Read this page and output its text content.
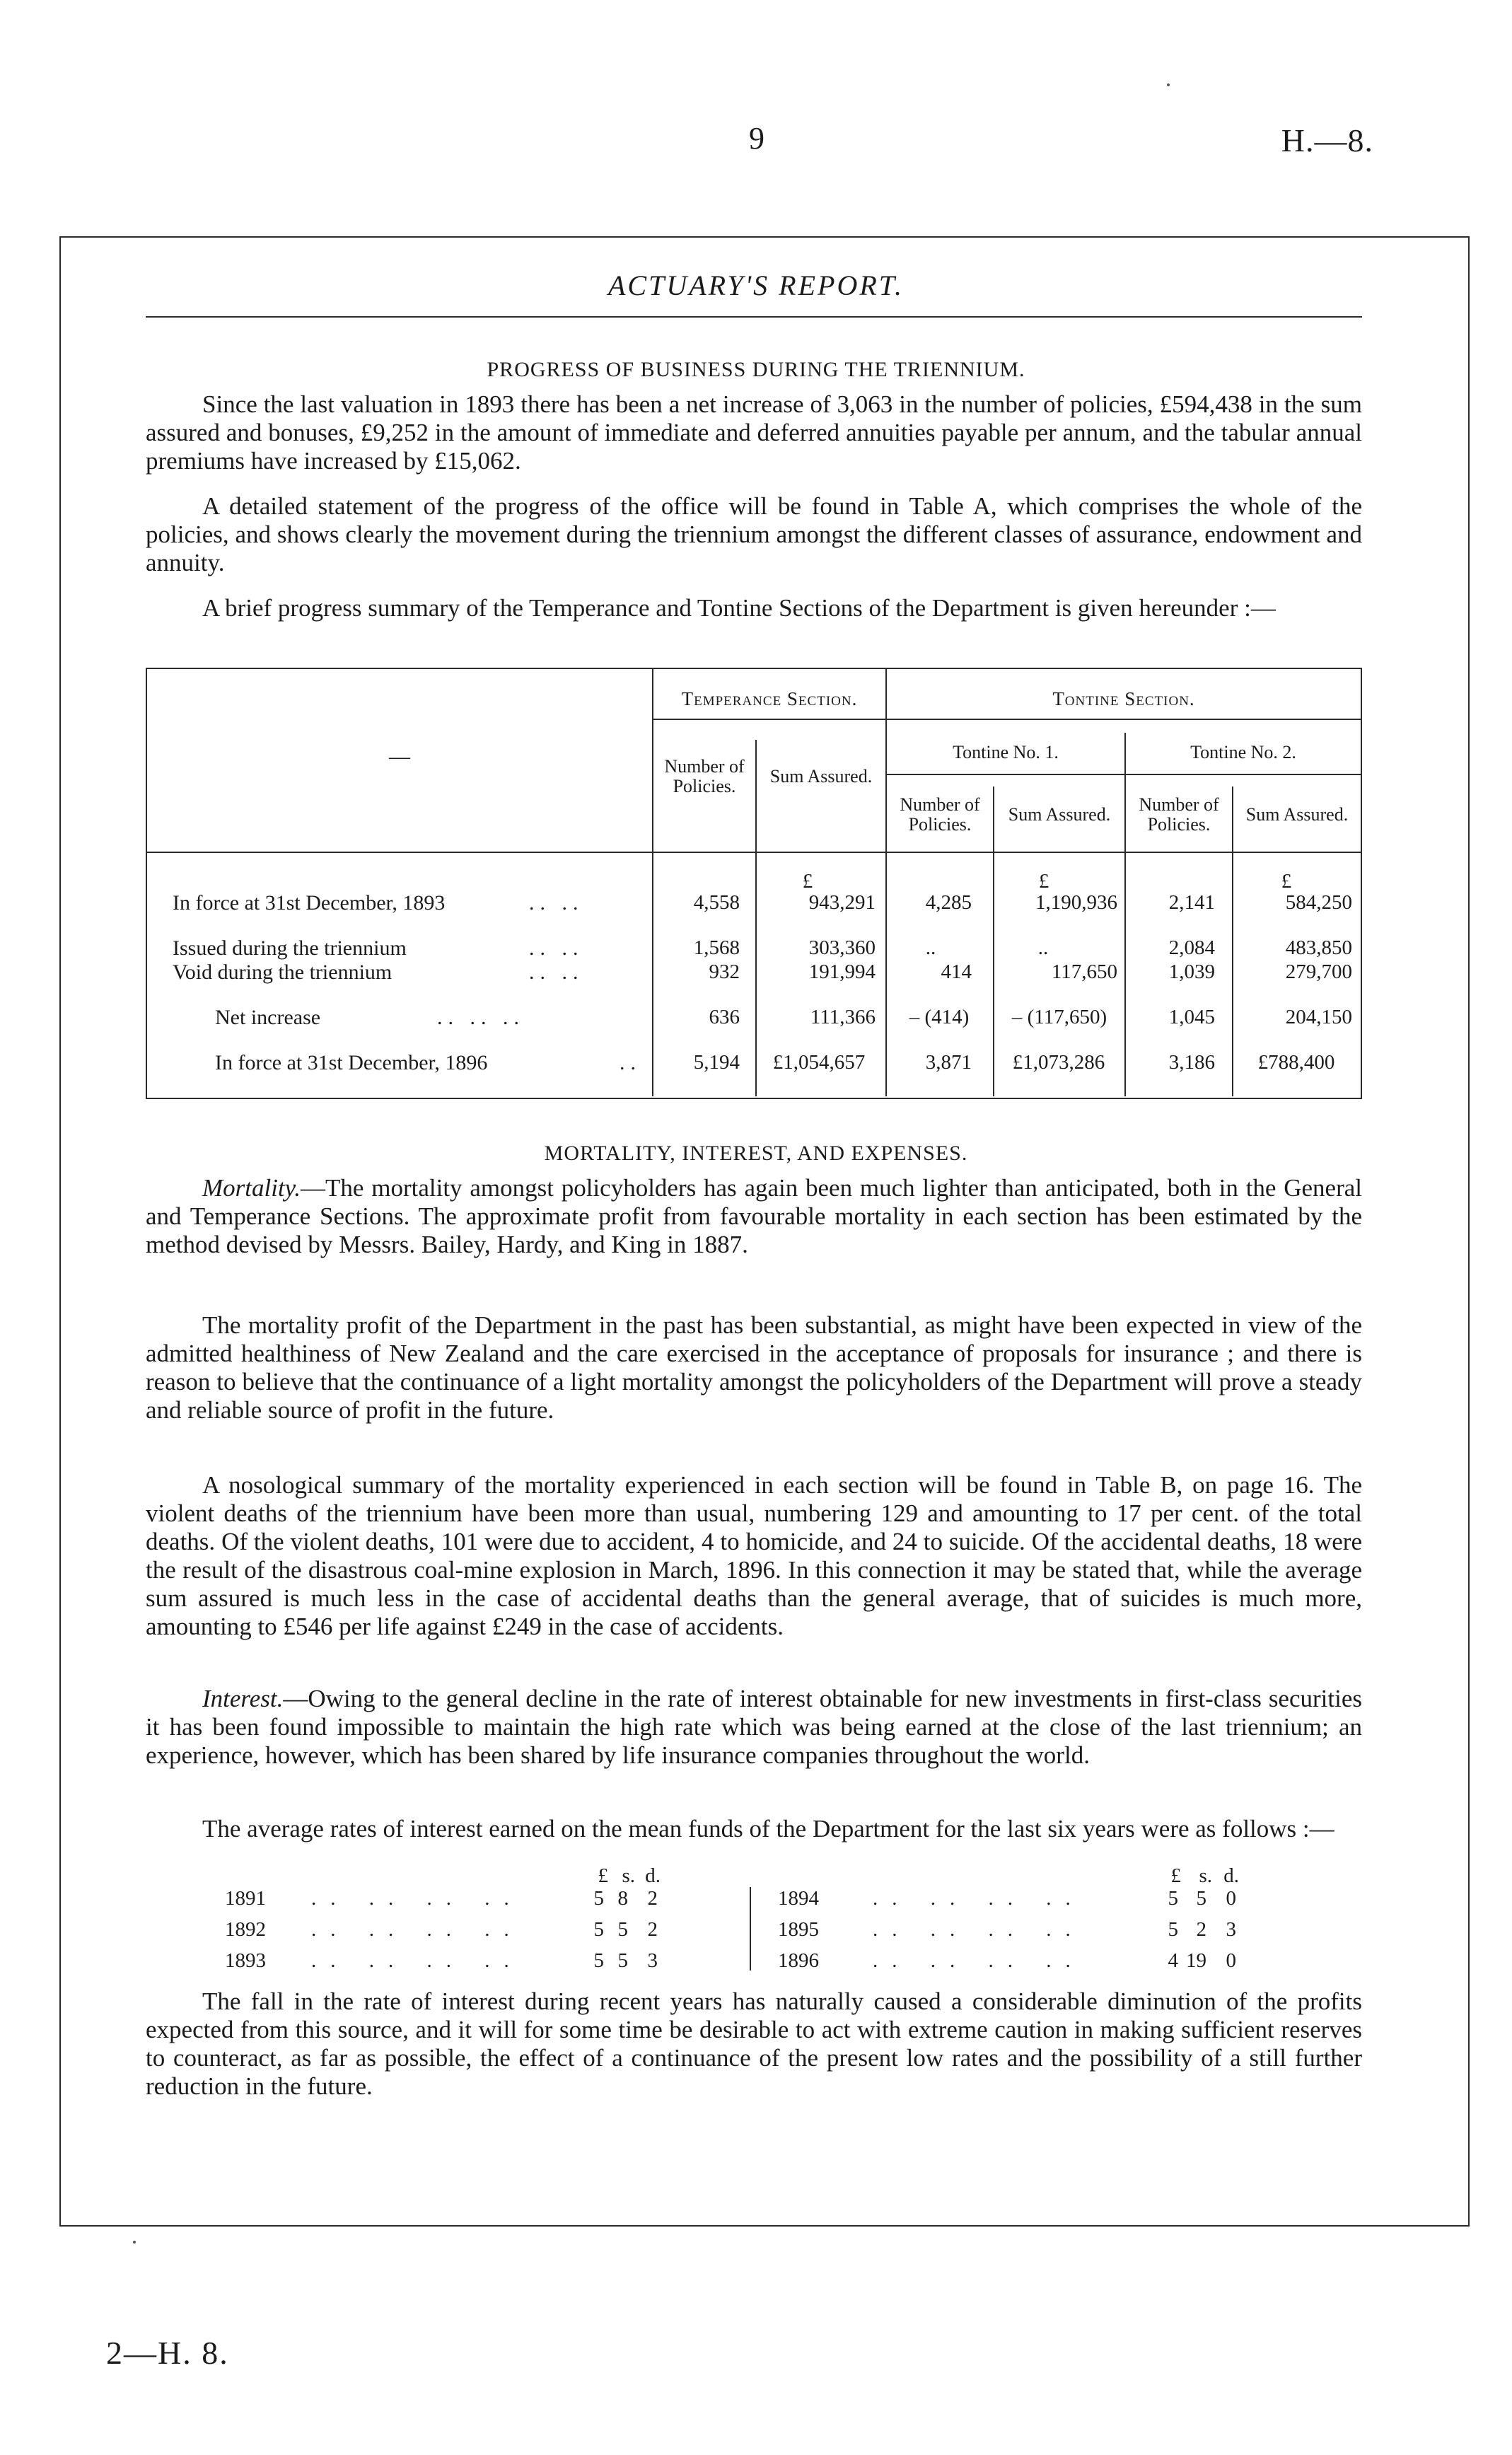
9	H.—8.
ACTUARY'S REPORT.
PROGRESS OF BUSINESS DURING THE TRIENNIUM.

Since the last valuation in 1893 there has been a net increase of 3,063 in the number of policies, £594,438 in the sum assured and bonuses, £9,252 in the amount of immediate and deferred annuities payable per annum, and the tabular annual premiums have increased by £15,062.

A detailed statement of the progress of the office will be found in Table A, which comprises the whole of the policies, and shows clearly the movement during the triennium amongst the different classes of assurance, endowment and annuity.

A brief progress summary of the Temperance and Tontine Sections of the Department is given hereunder :—

Temperance Section.	Tontine Section.
—	Number of Policies.	Sum Assured.
Tontine No. 1.	Tontine No. 2.
Number of Policies.	Sum Assured.	Number of Policies.	Sum Assured.
£	£	£
In force at 31st December, 1893	.. ..	4,558	943,291	4,285	1,190,936	2,141	584,250
Issued during the triennium	.. ..	1,568	303,360	..	..	2,084	483,850
Void during the triennium	.. ..	932	191,994	414	117,650	1,039	279,700
Net increase	.. .. ..	636	111,366	– (414)	– (117,650)	1,045	204,150
In force at 31st December, 1896	..	5,194	£1,054,657	3,871	£1,073,286	3,186	£788,400
MORTALITY, INTEREST, AND EXPENSES.

Mortality.—The mortality amongst policyholders has again been much lighter than anticipated, both in the General and Temperance Sections. The approximate profit from favourable mortality in each section has been estimated by the method devised by Messrs. Bailey, Hardy, and King in 1887.

The mortality profit of the Department in the past has been substantial, as might have been expected in view of the admitted healthiness of New Zealand and the care exercised in the acceptance of proposals for insurance ; and there is reason to believe that the continuance of a light mortality amongst the policyholders of the Department will prove a steady and reliable source of profit in the future.

A nosological summary of the mortality experienced in each section will be found in Table B, on page 16. The violent deaths of the triennium have been more than usual, numbering 129 and amounting to 17 per cent. of the total deaths. Of the violent deaths, 101 were due to accident, 4 to homicide, and 24 to suicide. Of the accidental deaths, 18 were the result of the disastrous coal-mine explosion in March, 1896. In this connection it may be stated that, while the average sum assured is much less in the case of accidental deaths than the general average, that of suicides is much more, amounting to £546 per life against £249 in the case of accidents.

Interest.—Owing to the general decline in the rate of interest obtainable for new investments in first-class securities it has been found impossible to maintain the high rate which was being earned at the close of the last triennium; an experience, however, which has been shared by life insurance companies throughout the world.

The average rates of interest earned on the mean funds of the Department for the last six years were as follows :—

£ s. d.	£ s. d.
1891 .. .. .. ..	5 8 2
1892 .. .. .. ..	5 5 2
1893 .. .. .. ..	5 5 3
1894	.. .. .. ..	5 5 0
1895	.. .. .. ..	5 2 3
1896	.. .. .. ..	4 19 0

The fall in the rate of interest during recent years has naturally caused a considerable diminution of the profits expected from this source, and it will for some time be desirable to act with extreme caution in making sufficient reserves to counteract, as far as possible, the effect of a continuance of the present low rates and the possibility of a still further reduction in the future.

2—H. 8.
